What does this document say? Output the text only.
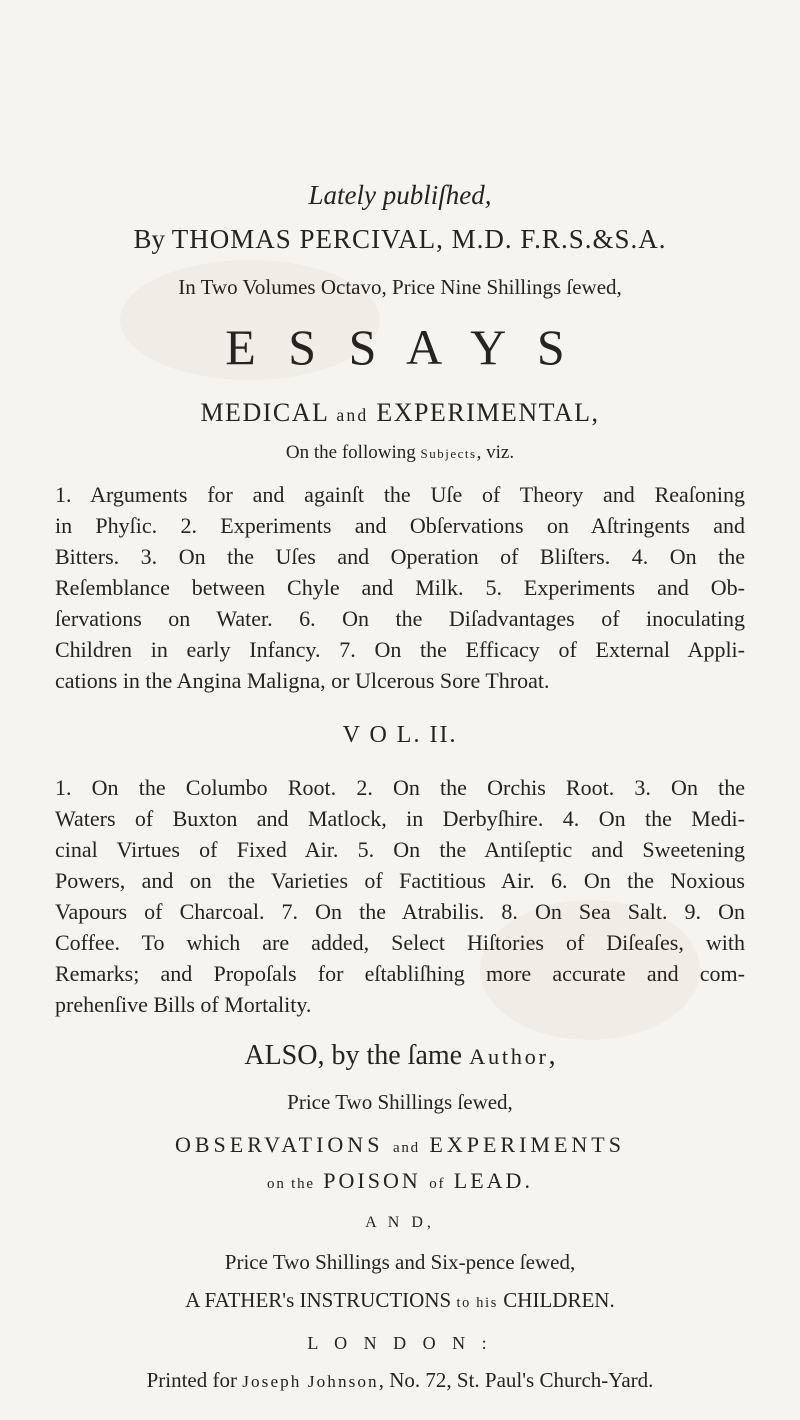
Lately publiſhed,
By THOMAS PERCIVAL, M.D. F.R.S.&S.A.
In Two Volumes Octavo, Price Nine Shillings ſewed,
E S S A Y S
MEDICAL and EXPERIMENTAL,
On the following Subjects, viz.
1. Arguments for and againſt the Uſe of Theory and Reaſoning
in Phyſic. 2. Experiments and Obſervations on Aſtringents and
Bitters. 3. On the Uſes and Operation of Bliſters. 4. On the
Reſemblance between Chyle and Milk. 5. Experiments and Ob-
ſervations on Water. 6. On the Diſadvantages of inoculating
Children in early Infancy. 7. On the Efficacy of External Appli-
cations in the Angina Maligna, or Ulcerous Sore Throat.
V O L. II.
1. On the Columbo Root. 2. On the Orchis Root. 3. On the
Waters of Buxton and Matlock, in Derbyſhire. 4. On the Medi-
cinal Virtues of Fixed Air. 5. On the Antiſeptic and Sweetening
Powers, and on the Varieties of Factitious Air. 6. On the Noxious
Vapours of Charcoal. 7. On the Atrabilis. 8. On Sea Salt. 9. On
Coffee. To which are added, Select Hiſtories of Diſeaſes, with
Remarks; and Propoſals for eſtabliſhing more accurate and com-
prehenſive Bills of Mortality.
ALSO, by the ſame Author,
Price Two Shillings ſewed,
OBSERVATIONS and EXPERIMENTS
on the POISON of LEAD.
A N D,
Price Two Shillings and Six-pence ſewed,
A FATHER's INSTRUCTIONS to his CHILDREN.
L O N D O N :
Printed for Joseph Johnson, No. 72, St. Paul's Church-Yard.
